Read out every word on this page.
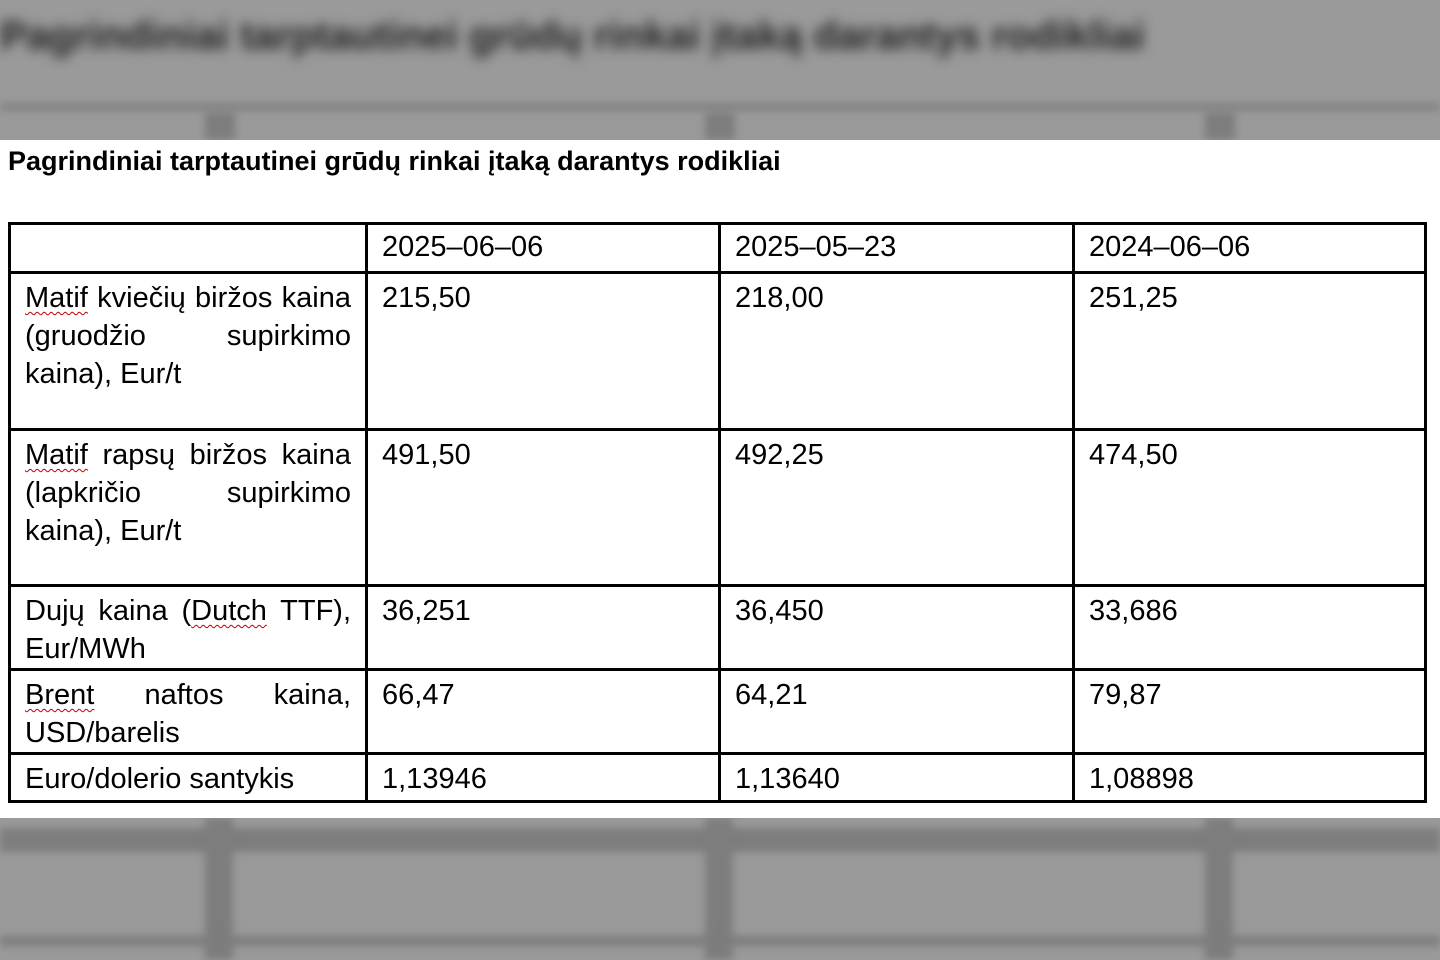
Pagrindiniai tarptautinei grūdų rinkai įtaką darantys rodikliai
Pagrindiniai tarptautinei grūdų rinkai įtaką darantys rodikliai
	2025–06–06	2025–05–23	2024–06–06
Matif kviečių biržos kaina (gruodžio supirkimo kaina), Eur/t	215,50	218,00	251,25
Matif rapsų biržos kaina (lapkričio supirkimo kaina), Eur/t	491,50	492,25	474,50
Dujų kaina (Dutch TTF), Eur/MWh	36,251	36,450	33,686
Brent naftos kaina, USD/barelis	66,47	64,21	79,87
Euro/dolerio santykis	1,13946	1,13640	1,08898
